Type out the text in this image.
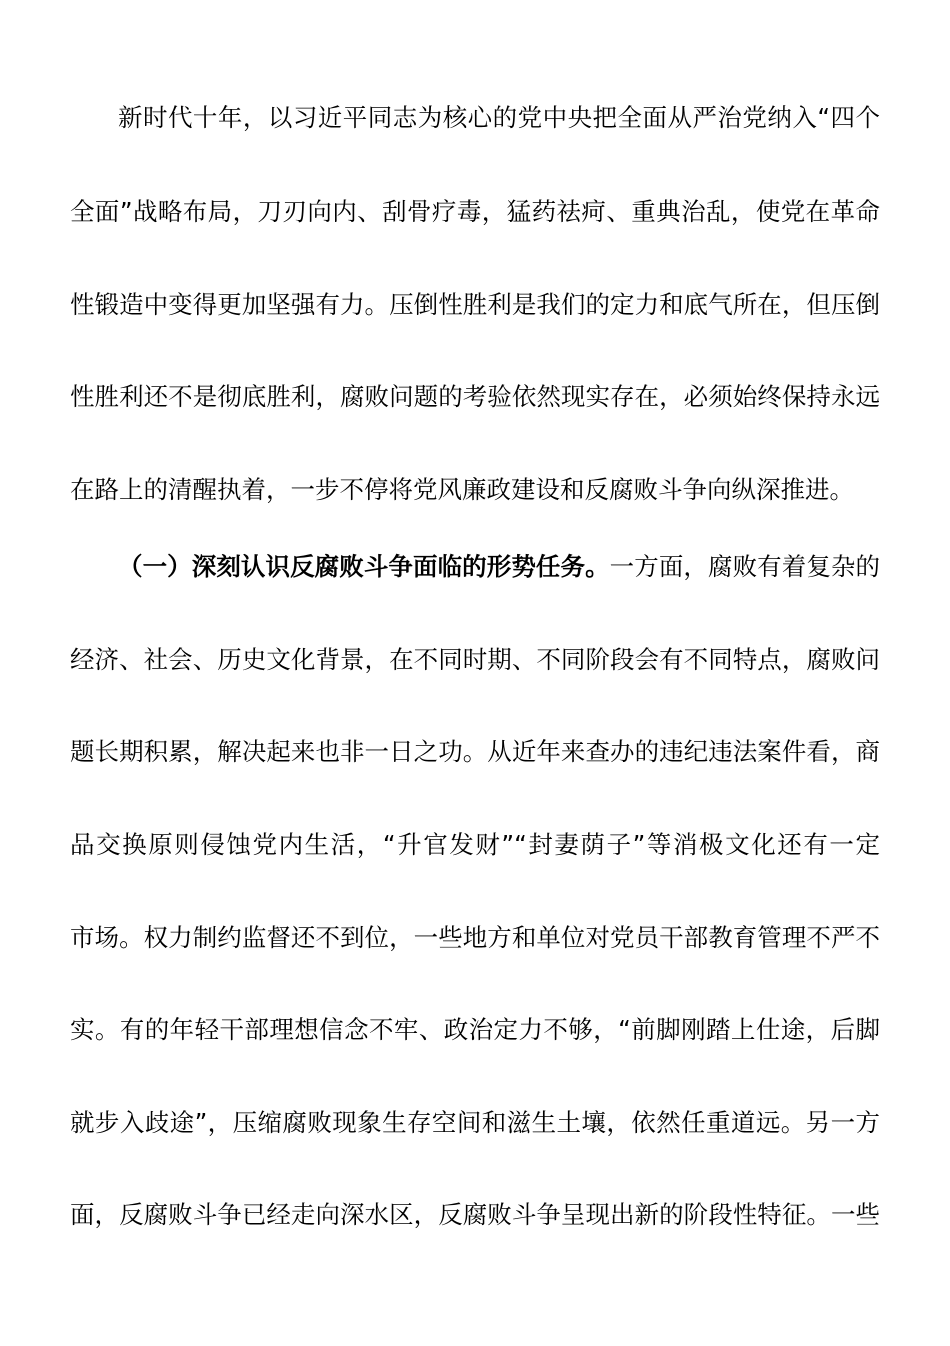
新时代十年，以习近平同志为核心的党中央把全面从严治党纳入“四个
全面”战略布局，刀刃向内、刮骨疗毒，猛药祛疴、重典治乱，使党在革命
性锻造中变得更加坚强有力。压倒性胜利是我们的定力和底气所在，但压倒
性胜利还不是彻底胜利，腐败问题的考验依然现实存在，必须始终保持永远
在路上的清醒执着，一步不停将党风廉政建设和反腐败斗争向纵深推进。
（一）深刻认识反腐败斗争面临的形势任务。一方面，腐败有着复杂的
经济、社会、历史文化背景，在不同时期、不同阶段会有不同特点，腐败问
题长期积累，解决起来也非一日之功。从近年来查办的违纪违法案件看，商
品交换原则侵蚀党内生活，“升官发财”“封妻荫子”等消极文化还有一定
市场。权力制约监督还不到位，一些地方和单位对党员干部教育管理不严不
实。有的年轻干部理想信念不牢、政治定力不够，“前脚刚踏上仕途，后脚
就步入歧途”，压缩腐败现象生存空间和滋生土壤，依然任重道远。另一方
面，反腐败斗争已经走向深水区，反腐败斗争呈现出新的阶段性特征。一些
